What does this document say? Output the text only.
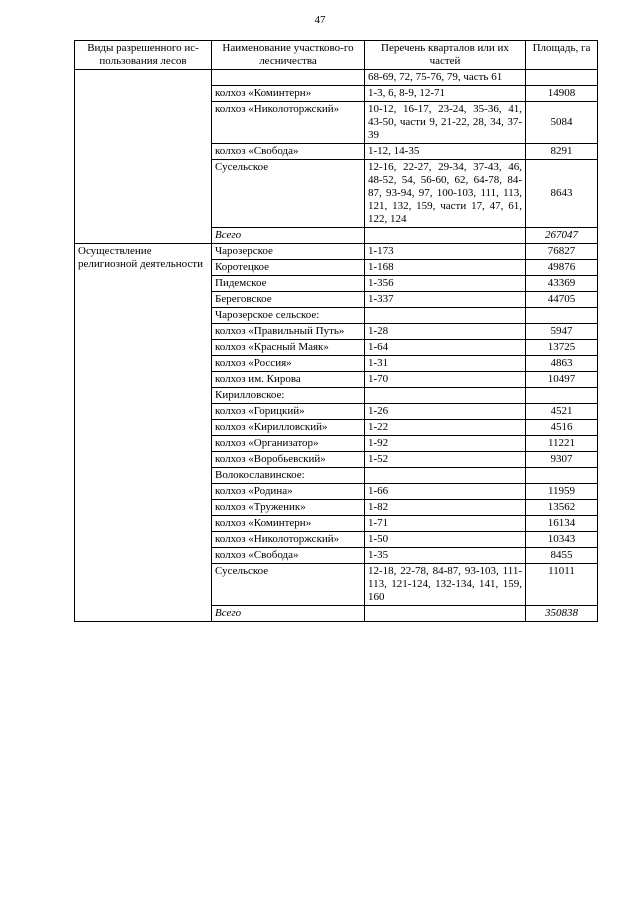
47
Виды разрешенного ис-пользования лесов	Наименование участково-го лесничества	Перечень кварталов или их частей	Площадь, га
		68-69, 72, 75-76, 79, часть 61	
	колхоз «Коминтерн»	1-3, 6, 8-9, 12-71	14908
	колхоз «Николоторжский»	10-12, 16-17, 23-24, 35-36, 41, 43-50, части 9, 21-22, 28, 34, 37-39	5084
	колхоз «Свобода»	1-12, 14-35	8291
	Сусельское	12-16, 22-27, 29-34, 37-43, 46, 48-52, 54, 56-60, 62, 64-78, 84-87, 93-94, 97, 100-103, 111, 113, 121, 132, 159, части 17, 47, 61, 122, 124	8643
	Всего		267047
Осуществление религиозной деятельности	Чарозерское	1-173	76827
	Коротецкое	1-168	49876
	Пидемское	1-356	43369
	Береговское	1-337	44705
	Чарозерское сельское:		
	колхоз «Правильный Путь»	1-28	5947
	колхоз «Красный Маяк»	1-64	13725
	колхоз «Россия»	1-31	4863
	колхоз им. Кирова	1-70	10497
	Кирилловское:		
	колхоз «Горицкий»	1-26	4521
	колхоз «Кирилловский»	1-22	4516
	колхоз «Организатор»	1-92	11221
	колхоз «Воробьевский»	1-52	9307
	Волокославинское:		
	колхоз «Родина»	1-66	11959
	колхоз «Труженик»	1-82	13562
	колхоз «Коминтерн»	1-71	16134
	колхоз «Николоторжский»	1-50	10343
	колхоз «Свобода»	1-35	8455
	Сусельское	12-18, 22-78, 84-87, 93-103, 111-113, 121-124, 132-134, 141, 159, 160	11011
	Всего		350838
